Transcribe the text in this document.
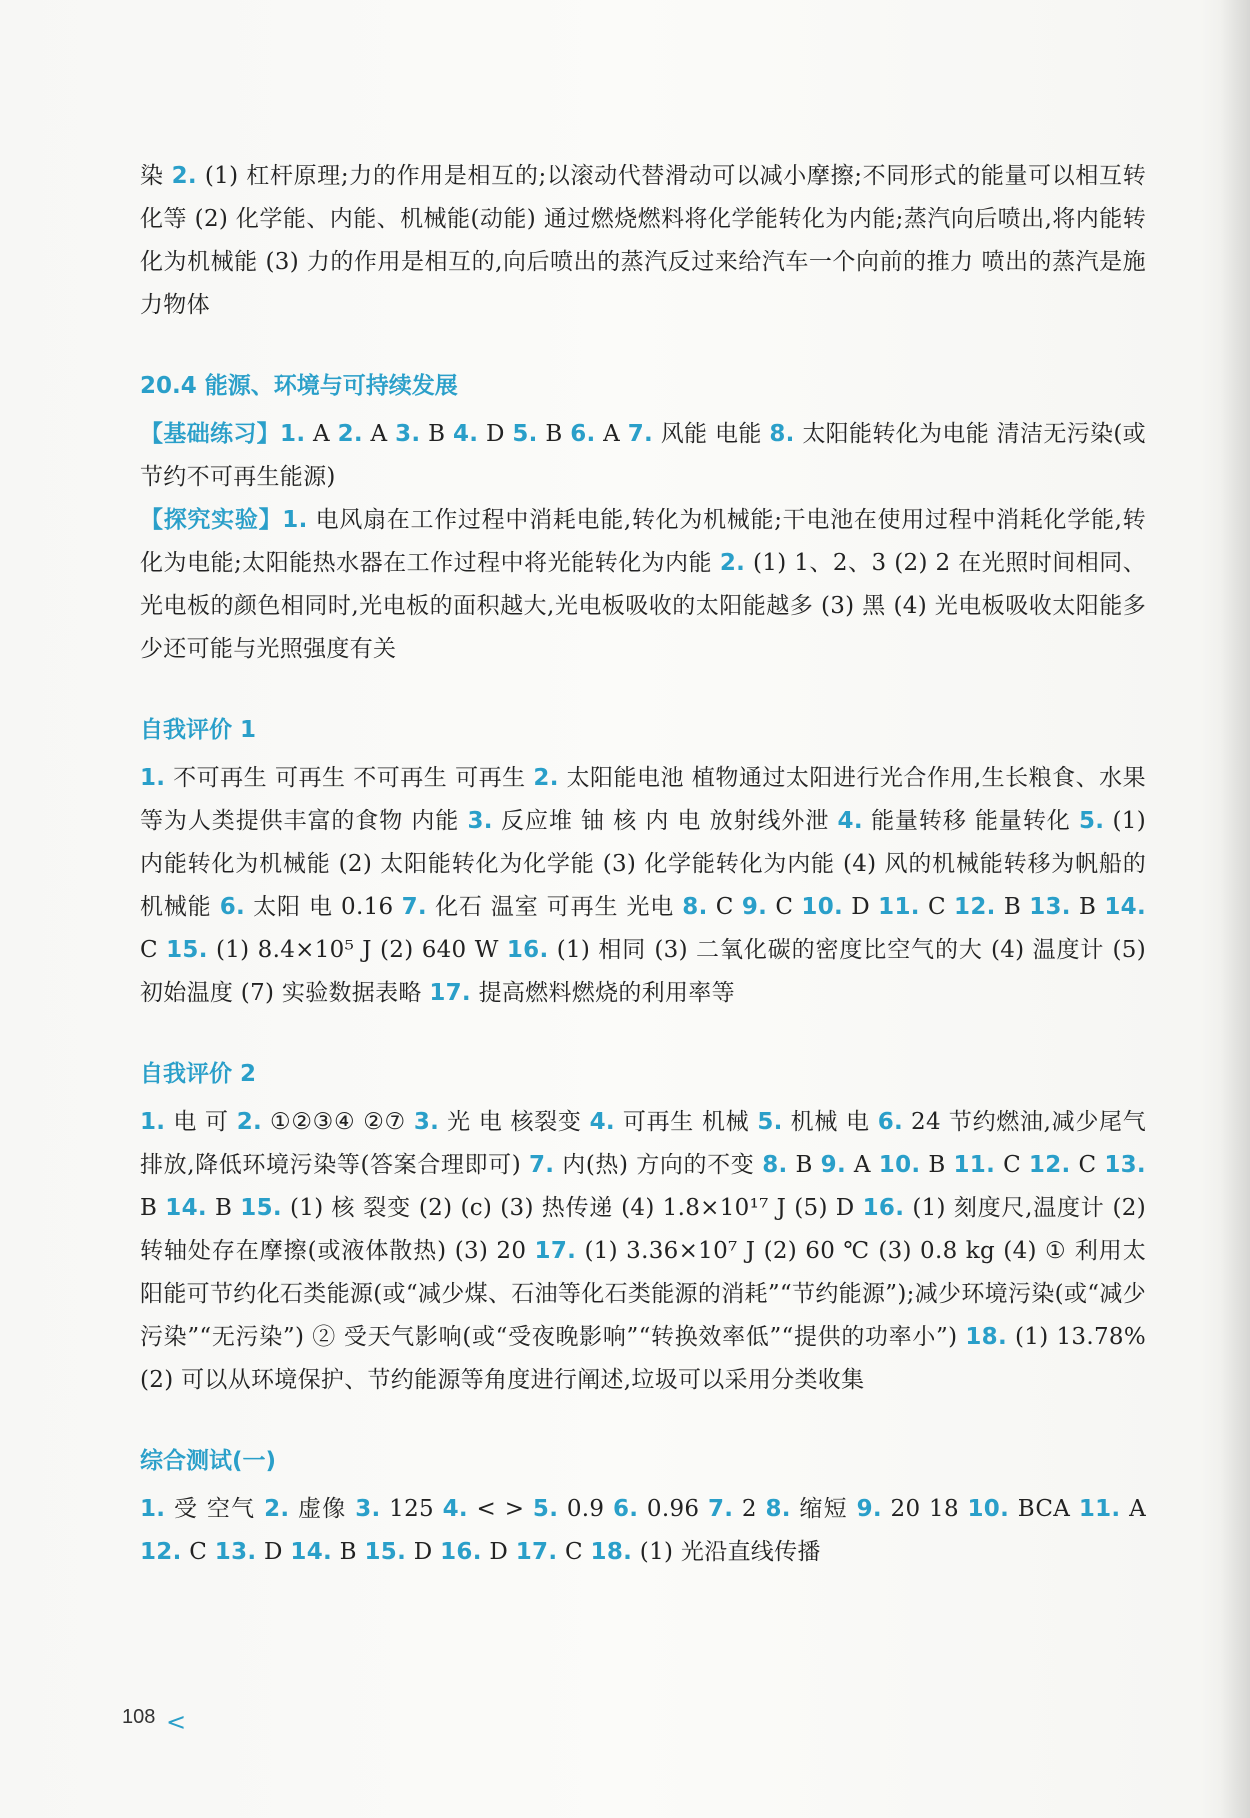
染 2. (1) 杠杆原理;力的作用是相互的;以滚动代替滑动可以减小摩擦;不同形式的能量可以相互转化等 (2) 化学能、内能、机械能(动能) 通过燃烧燃料将化学能转化为内能;蒸汽向后喷出,将内能转化为机械能 (3) 力的作用是相互的,向后喷出的蒸汽反过来给汽车一个向前的推力 喷出的蒸汽是施力物体
20.4 能源、环境与可持续发展
【基础练习】1. A 2. A 3. B 4. D 5. B 6. A 7. 风能 电能 8. 太阳能转化为电能 清洁无污染(或节约不可再生能源)
【探究实验】1. 电风扇在工作过程中消耗电能,转化为机械能;干电池在使用过程中消耗化学能,转化为电能;太阳能热水器在工作过程中将光能转化为内能 2. (1) 1、2、3 (2) 2 在光照时间相同、光电板的颜色相同时,光电板的面积越大,光电板吸收的太阳能越多 (3) 黑 (4) 光电板吸收太阳能多少还可能与光照强度有关
自我评价 1
1. 不可再生 可再生 不可再生 可再生 2. 太阳能电池 植物通过太阳进行光合作用,生长粮食、水果等为人类提供丰富的食物 内能 3. 反应堆 铀 核 内 电 放射线外泄 4. 能量转移 能量转化 5. (1) 内能转化为机械能 (2) 太阳能转化为化学能 (3) 化学能转化为内能 (4) 风的机械能转移为帆船的机械能 6. 太阳 电 0.16 7. 化石 温室 可再生 光电 8. C 9. C 10. D 11. C 12. B 13. B 14. C 15. (1) 8.4×10⁵ J (2) 640 W 16. (1) 相同 (3) 二氧化碳的密度比空气的大 (4) 温度计 (5) 初始温度 (7) 实验数据表略 17. 提高燃料燃烧的利用率等
自我评价 2
1. 电 可 2. ①②③④ ②⑦ 3. 光 电 核裂变 4. 可再生 机械 5. 机械 电 6. 24 节约燃油,减少尾气排放,降低环境污染等(答案合理即可) 7. 内(热) 方向的不变 8. B 9. A 10. B 11. C 12. C 13. B 14. B 15. (1) 核 裂变 (2) (c) (3) 热传递 (4) 1.8×10¹⁷ J (5) D 16. (1) 刻度尺,温度计 (2) 转轴处存在摩擦(或液体散热) (3) 20 17. (1) 3.36×10⁷ J (2) 60 ℃ (3) 0.8 kg (4) ① 利用太阳能可节约化石类能源(或“减少煤、石油等化石类能源的消耗”“节约能源”);减少环境污染(或“减少污染”“无污染”) ② 受天气影响(或“受夜晚影响”“转换效率低”“提供的功率小”) 18. (1) 13.78% (2) 可以从环境保护、节约能源等角度进行阐述,垃圾可以采用分类收集
综合测试(一)
1. 受 空气 2. 虚像 3. 125 4. < > 5. 0.9 6. 0.96 7. 2 8. 缩短 9. 20 18 10. BCA 11. A 12. C 13. D 14. B 15. D 16. D 17. C 18. (1) 光沿直线传播
108 <
